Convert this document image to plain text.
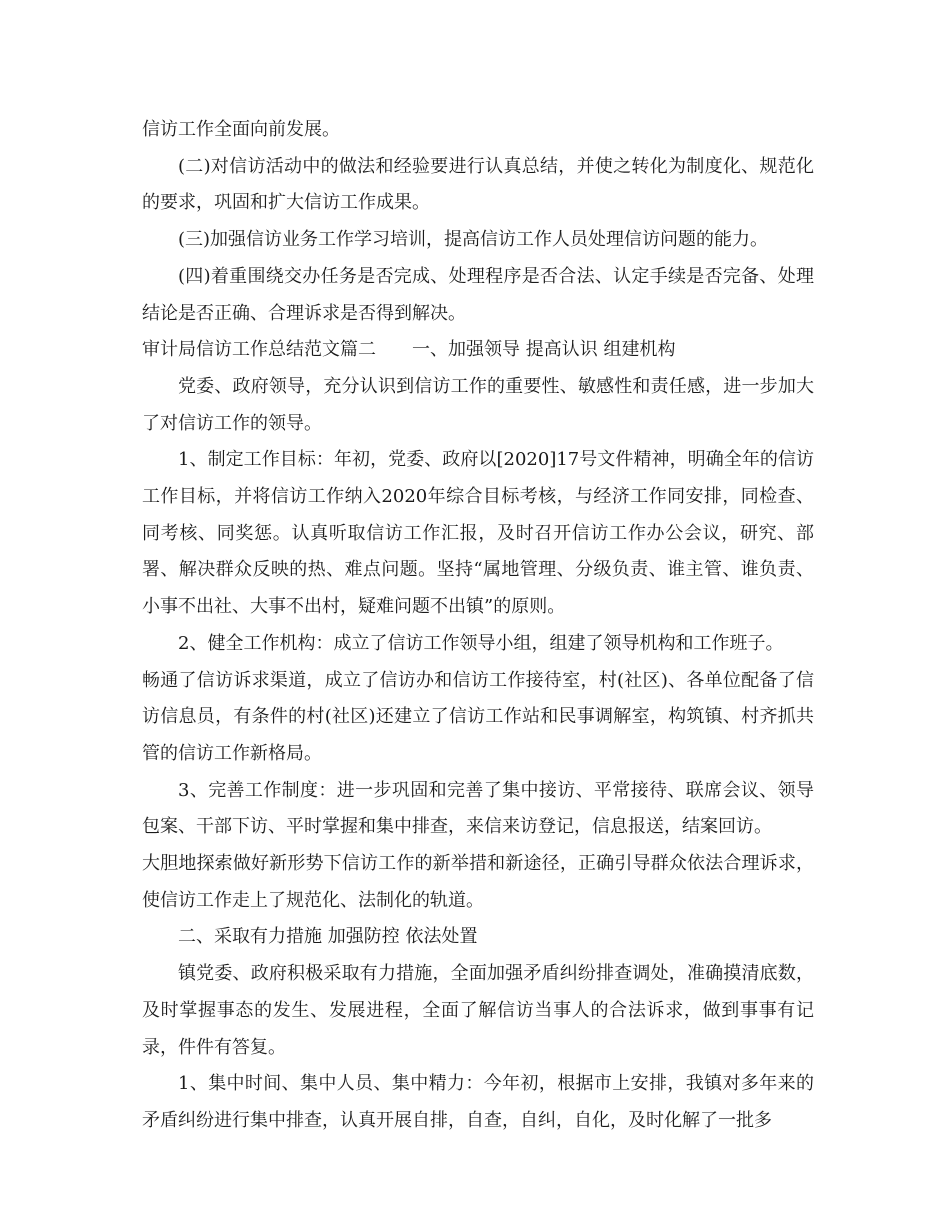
信访工作全面向前发展。

(二)对信访活动中的做法和经验要进行认真总结，并使之转化为制度化、规范化的要求，巩固和扩大信访工作成果。

(三)加强信访业务工作学习培训，提高信访工作人员处理信访问题的能力。

(四)着重围绕交办任务是否完成、处理程序是否合法、认定手续是否完备、处理结论是否正确、合理诉求是否得到解决。

审计局信访工作总结范文篇二　　一、加强领导 提高认识 组建机构

党委、政府领导，充分认识到信访工作的重要性、敏感性和责任感，进一步加大了对信访工作的领导。

1、制定工作目标：年初，党委、政府以[2020]17号文件精神，明确全年的信访工作目标，并将信访工作纳入2020年综合目标考核，与经济工作同安排，同检查、同考核、同奖惩。认真听取信访工作汇报，及时召开信访工作办公会议，研究、部署、解决群众反映的热、难点问题。坚持“属地管理、分级负责、谁主管、谁负责、小事不出社、大事不出村，疑难问题不出镇”的原则。

2、健全工作机构：成立了信访工作领导小组，组建了领导机构和工作班子。

畅通了信访诉求渠道，成立了信访办和信访工作接待室，村(社区)、各单位配备了信访信息员，有条件的村(社区)还建立了信访工作站和民事调解室，构筑镇、村齐抓共管的信访工作新格局。

3、完善工作制度：进一步巩固和完善了集中接访、平常接待、联席会议、领导包案、干部下访、平时掌握和集中排查，来信来访登记，信息报送，结案回访。

大胆地探索做好新形势下信访工作的新举措和新途径，正确引导群众依法合理诉求，使信访工作走上了规范化、法制化的轨道。

二、采取有力措施 加强防控 依法处置

镇党委、政府积极采取有力措施，全面加强矛盾纠纷排查调处，准确摸清底数，及时掌握事态的发生、发展进程，全面了解信访当事人的合法诉求，做到事事有记录，件件有答复。

1、集中时间、集中人员、集中精力：今年初，根据市上安排，我镇对多年来的矛盾纠纷进行集中排查，认真开展自排，自查，自纠，自化，及时化解了一批多
